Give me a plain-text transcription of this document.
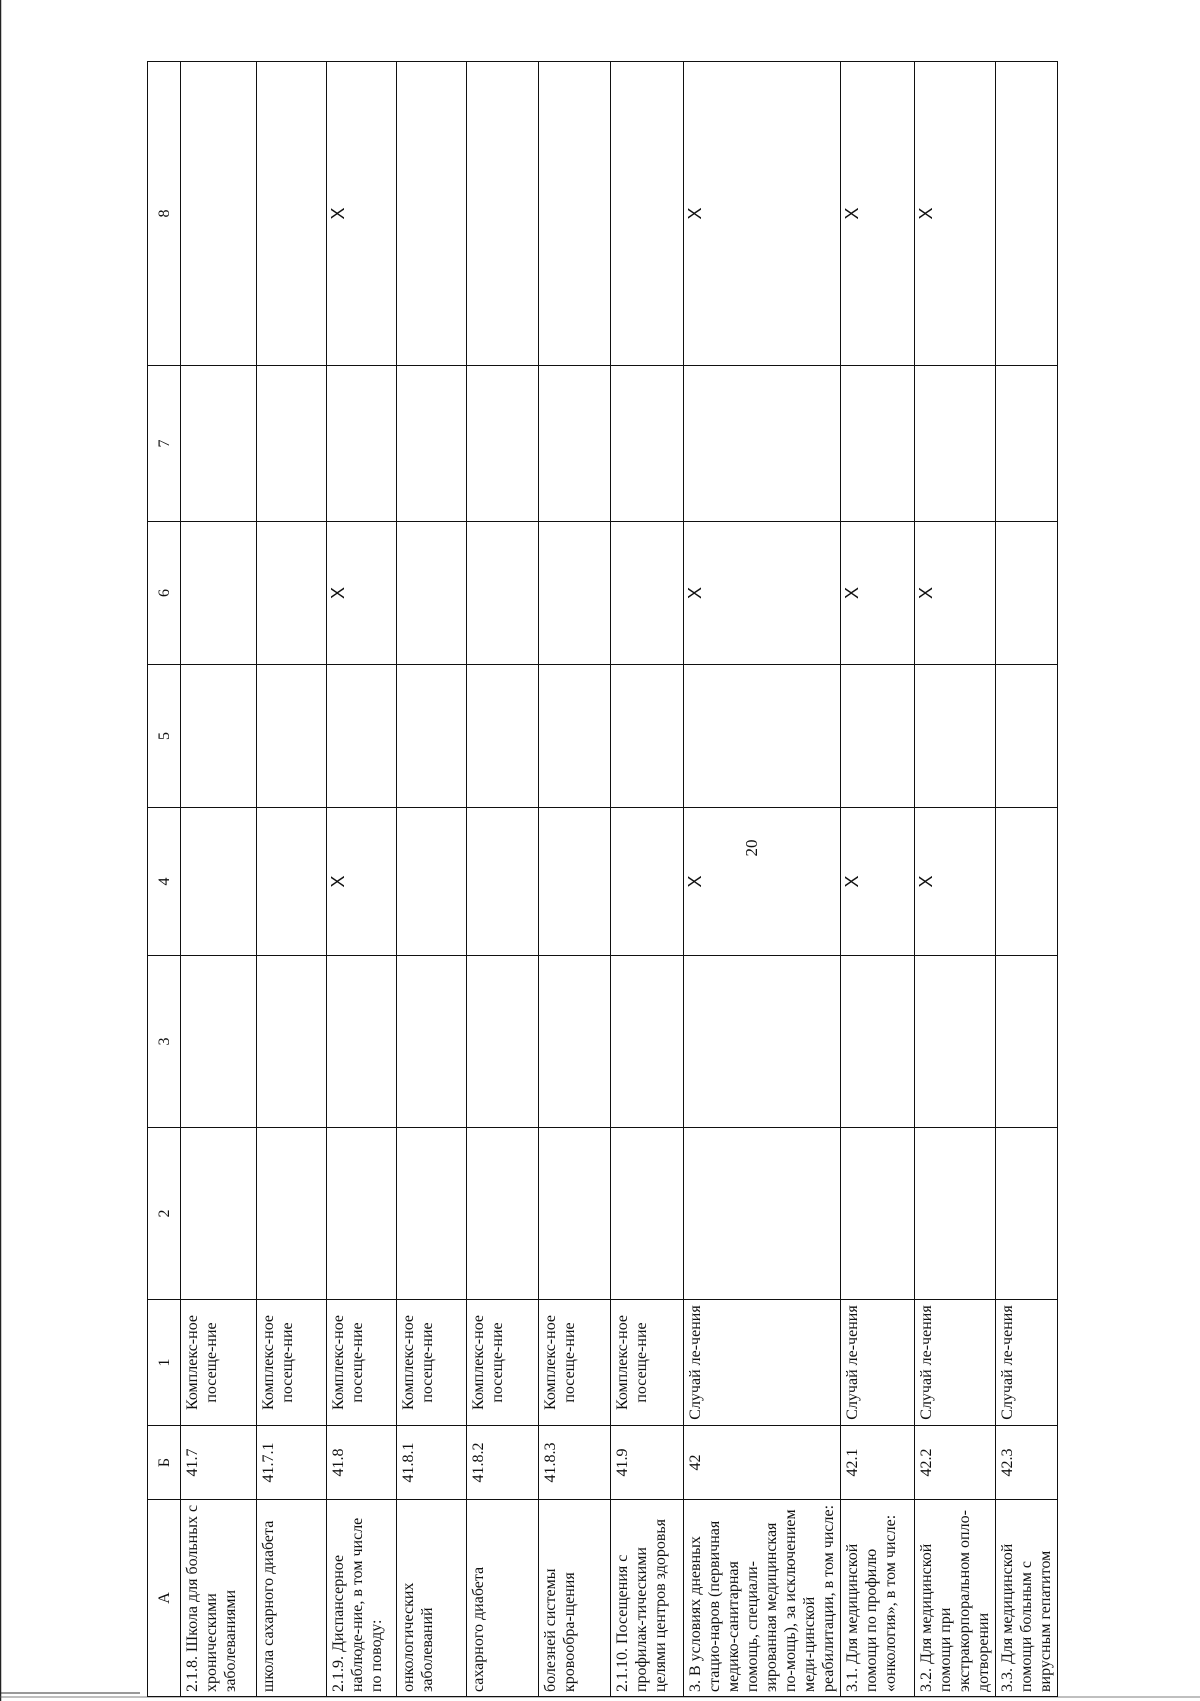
20
А	Б	1	2	3	4	5	6	7	8
2.1.8. Школа для больных с хроническими заболеваниями	41.7	Комплекс-ное посеще-ние							
школа сахарного диабета	41.7.1	Комплекс-ное посеще-ние							
2.1.9. Диспансерное наблюде-ние, в том числе по поводу:	41.8	Комплекс-ное посеще-ние			X		X		X
онкологических заболеваний	41.8.1	Комплекс-ное посеще-ние							
сахарного диабета	41.8.2	Комплекс-ное посеще-ние							
болезней системы кровообра-щения	41.8.3	Комплекс-ное посеще-ние							
2.1.10. Посещения с профилак-тическими целями центров здоровья	41.9	Комплекс-ное посеще-ние							
3. В условиях дневных стацио-наров (первичная медико-санитарная помощь, специали-зированная медицинская по-мощь), за исключением меди-цинской реабилитации, в том числе:	42	Случай ле-чения			X		X		X
3.1. Для медицинской помощи по профилю «онкология», в том числе:	42.1	Случай ле-чения			X		X		X
3.2. Для медицинской помощи при экстракорпоральном оплo-дотворении	42.2	Случай ле-чения			X		X		X
3.3. Для медицинской помощи больным с вирусным гепатитом	42.3	Случай ле-чения							
